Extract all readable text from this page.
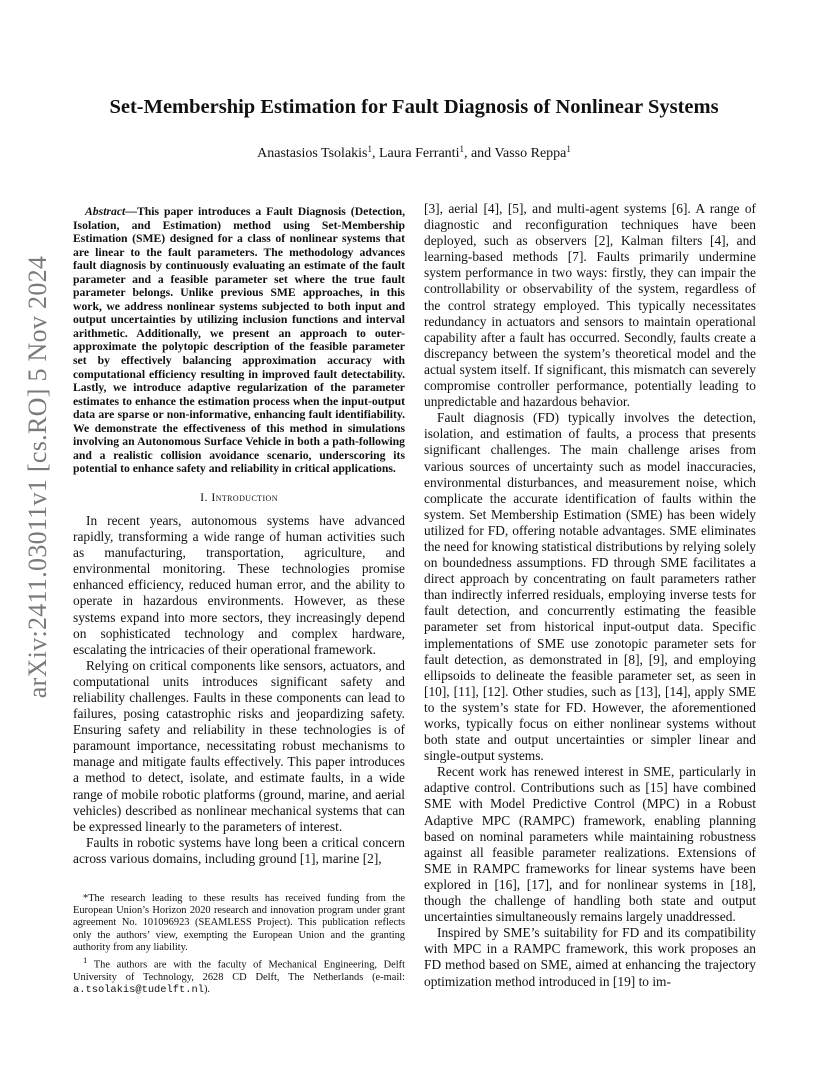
arXiv:2411.03011v1 [cs.RO] 5 Nov 2024
Set-Membership Estimation for Fault Diagnosis of Nonlinear Systems
Anastasios Tsolakis$^1$, Laura Ferranti$^1$, and Vasso Reppa$^1$

Abstract—This paper introduces a Fault Diagnosis (Detection, Isolation, and Estimation) method using Set-Membership Estimation (SME) designed for a class of nonlinear systems that are linear to the fault parameters. The methodology advances fault diagnosis by continuously evaluating an estimate of the fault parameter and a feasible parameter set where the true fault parameter belongs. Unlike previous SME approaches, in this work, we address nonlinear systems subjected to both input and output uncertainties by utilizing inclusion functions and interval arithmetic. Additionally, we present an approach to outer-approximate the polytopic description of the feasible parameter set by effectively balancing approximation accuracy with computational efficiency resulting in improved fault detectability. Lastly, we introduce adaptive regularization of the parameter estimates to enhance the estimation process when the input-output data are sparse or non-informative, enhancing fault identifiability. We demonstrate the effectiveness of this method in simulations involving an Autonomous Surface Vehicle in both a path-following and a realistic collision avoidance scenario, underscoring its potential to enhance safety and reliability in critical applications.

I. Introduction

In recent years, autonomous systems have advanced rapidly, transforming a wide range of human activities such as manufacturing, transportation, agriculture, and environmental monitoring. These technologies promise enhanced efficiency, reduced human error, and the ability to operate in hazardous environments. However, as these systems expand into more sectors, they increasingly depend on sophisticated technology and complex hardware, escalating the intricacies of their operational framework.

Relying on critical components like sensors, actuators, and computational units introduces significant safety and reliability challenges. Faults in these components can lead to failures, posing catastrophic risks and jeopardizing safety. Ensuring safety and reliability in these technologies is of paramount importance, necessitating robust mechanisms to manage and mitigate faults effectively. This paper introduces a method to detect, isolate, and estimate faults, in a wide range of mobile robotic platforms (ground, marine, and aerial vehicles) described as nonlinear mechanical systems that can be expressed linearly to the parameters of interest.

Faults in robotic systems have long been a critical concern across various domains, including ground [1], marine [2],

*The research leading to these results has received funding from the European Union’s Horizon 2020 research and innovation program under grant agreement No. 101096923 (SEAMLESS Project). This publication reflects only the authors’ view, exempting the European Union and the granting authority from any liability.

$^1$ The authors are with the faculty of Mechanical Engineering, Delft University of Technology, 2628 CD Delft, The Netherlands (e-mail: a.tsolakis@tudelft.nl).

[3], aerial [4], [5], and multi-agent systems [6]. A range of diagnostic and reconfiguration techniques have been deployed, such as observers [2], Kalman filters [4], and learning-based methods [7]. Faults primarily undermine system performance in two ways: firstly, they can impair the controllability or observability of the system, regardless of the control strategy employed. This typically necessitates redundancy in actuators and sensors to maintain operational capability after a fault has occurred. Secondly, faults create a discrepancy between the system’s theoretical model and the actual system itself. If significant, this mismatch can severely compromise controller performance, potentially leading to unpredictable and hazardous behavior.

Fault diagnosis (FD) typically involves the detection, isolation, and estimation of faults, a process that presents significant challenges. The main challenge arises from various sources of uncertainty such as model inaccuracies, environmental disturbances, and measurement noise, which complicate the accurate identification of faults within the system. Set Membership Estimation (SME) has been widely utilized for FD, offering notable advantages. SME eliminates the need for knowing statistical distributions by relying solely on boundedness assumptions. FD through SME facilitates a direct approach by concentrating on fault parameters rather than indirectly inferred residuals, employing inverse tests for fault detection, and concurrently estimating the feasible parameter set from historical input-output data. Specific implementations of SME use zonotopic parameter sets for fault detection, as demonstrated in [8], [9], and employing ellipsoids to delineate the feasible parameter set, as seen in [10], [11], [12]. Other studies, such as [13], [14], apply SME to the system’s state for FD. However, the aforementioned works, typically focus on either nonlinear systems without both state and output uncertainties or simpler linear and single-output systems.

Recent work has renewed interest in SME, particularly in adaptive control. Contributions such as [15] have combined SME with Model Predictive Control (MPC) in a Robust Adaptive MPC (RAMPC) framework, enabling planning based on nominal parameters while maintaining robustness against all feasible parameter realizations. Extensions of SME in RAMPC frameworks for linear systems have been explored in [16], [17], and for nonlinear systems in [18], though the challenge of handling both state and output uncertainties simultaneously remains largely unaddressed.

Inspired by SME’s suitability for FD and its compatibility with MPC in a RAMPC framework, this work proposes an FD method based on SME, aimed at enhancing the trajectory optimization method introduced in [19] to im-
